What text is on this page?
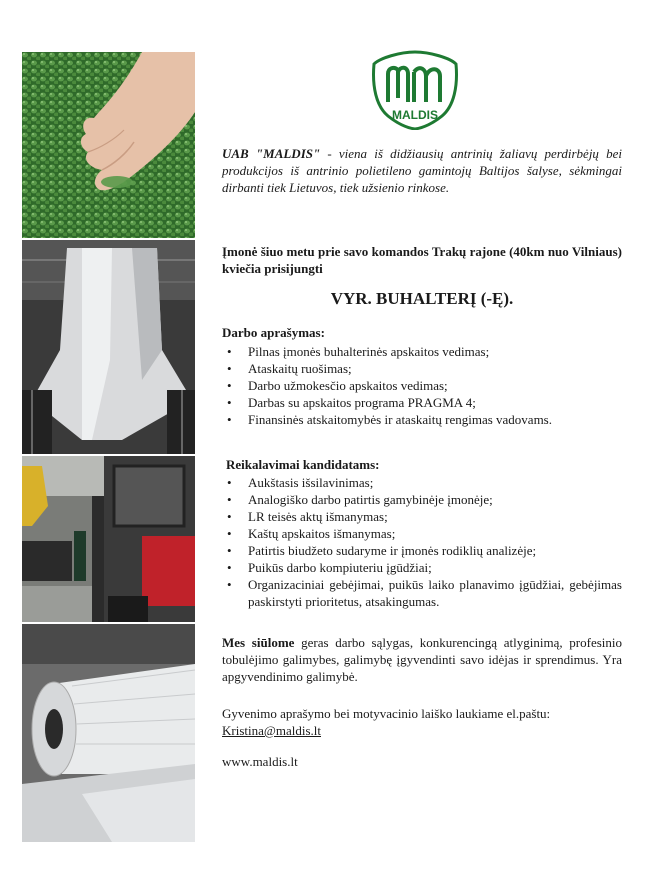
MALDIS
UAB "MALDIS" - viena iš didžiausių antrinių žaliavų perdirbėjų bei produkcijos iš antrinio polietileno gamintojų Baltijos šalyse, sėkmingai dirbanti tiek Lietuvos, tiek užsienio rinkose.
Įmonė šiuo metu prie savo komandos Trakų rajone (40km nuo Vilniaus) kviečia prisijungti
VYR. BUHALTERĮ (-Ę).
Darbo aprašymas:
• Pilnas įmonės buhalterinės apskaitos vedimas;
• Ataskaitų ruošimas;
• Darbo užmokesčio apskaitos vedimas;
• Darbas su apskaitos programa PRAGMA 4;
• Finansinės atskaitomybės ir ataskaitų rengimas vadovams.
Reikalavimai kandidatams:
• Aukštasis išsilavinimas;
• Analogiško darbo patirtis gamybinėje įmonėje;
• LR teisės aktų išmanymas;
• Kaštų apskaitos išmanymas;
• Patirtis biudžeto sudaryme ir įmonės rodiklių analizėje;
• Puikūs darbo kompiuteriu įgūdžiai;
• Organizaciniai gebėjimai, puikūs laiko planavimo įgūdžiai, gebėjimas paskirstyti prioritetus, atsakingumas.
Mes siūlome geras darbo sąlygas, konkurencingą atlyginimą, profesinio tobulėjimo galimybes, galimybę įgyvendinti savo idėjas ir sprendimus. Yra apgyvendinimo galimybė.
Gyvenimo aprašymo bei motyvacinio laiško laukiame el.paštu:
Kristina@maldis.lt
www.maldis.lt
